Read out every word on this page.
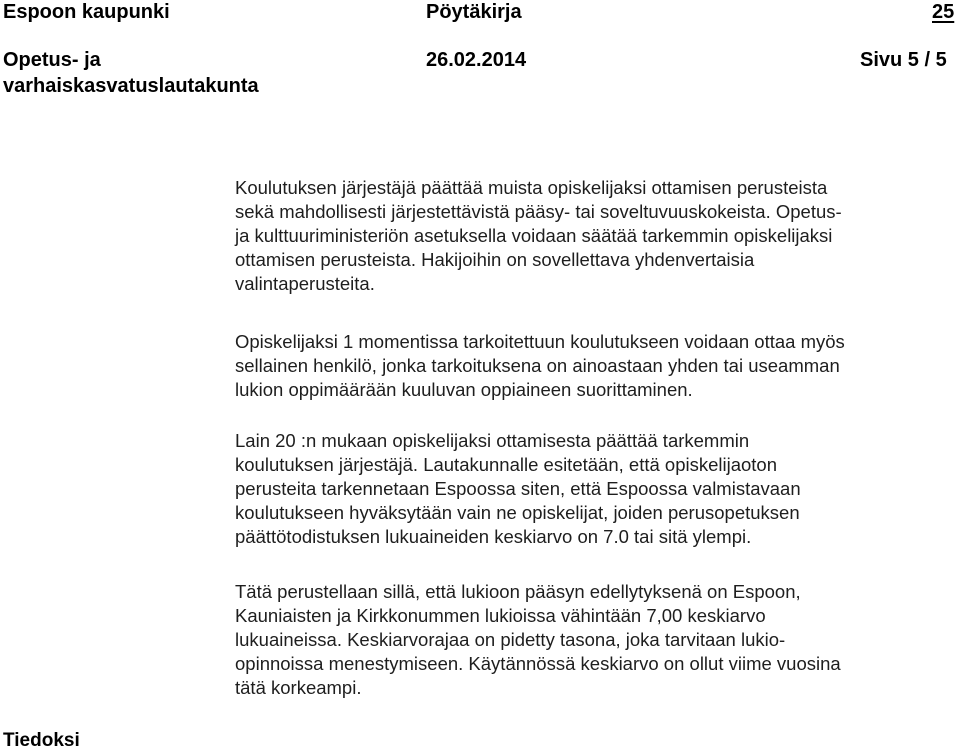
Espoon kaupunki	Pöytäkirja	25
Opetus- ja
varhaiskasvatuslautakunta
26.02.2014	Sivu 5 / 5

Koulutuksen järjestäjä päättää muista opiskelijaksi ottamisen perusteista
sekä mahdollisesti järjestettävistä pääsy- tai soveltuvuuskokeista. Opetus-
ja kulttuuriministeriön asetuksella voidaan säätää tarkemmin opiskelijaksi
ottamisen perusteista. Hakijoihin on sovellettava yhdenvertaisia
valintaperusteita.

Opiskelijaksi 1 momentissa tarkoitettuun koulutukseen voidaan ottaa myös
sellainen henkilö, jonka tarkoituksena on ainoastaan yhden tai useamman
lukion oppimäärään kuuluvan oppiaineen suorittaminen.

Lain 20 :n mukaan opiskelijaksi ottamisesta päättää tarkemmin
koulutuksen järjestäjä. Lautakunnalle esitetään, että opiskelijaoton
perusteita tarkennetaan Espoossa siten, että Espoossa valmistavaan
koulutukseen hyväksytään vain ne opiskelijat, joiden perusopetuksen
päättötodistuksen lukuaineiden keskiarvo on 7.0 tai sitä ylempi.

Tätä perustellaan sillä, että lukioon pääsyn edellytyksenä on Espoon,
Kauniaisten ja Kirkkonummen lukioissa vähintään 7,00 keskiarvo
lukuaineissa. Keskiarvorajaa on pidetty tasona, joka tarvitaan lukio-
opinnoissa menestymiseen. Käytännössä keskiarvo on ollut viime vuosina
tätä korkeampi.

Tiedoksi
